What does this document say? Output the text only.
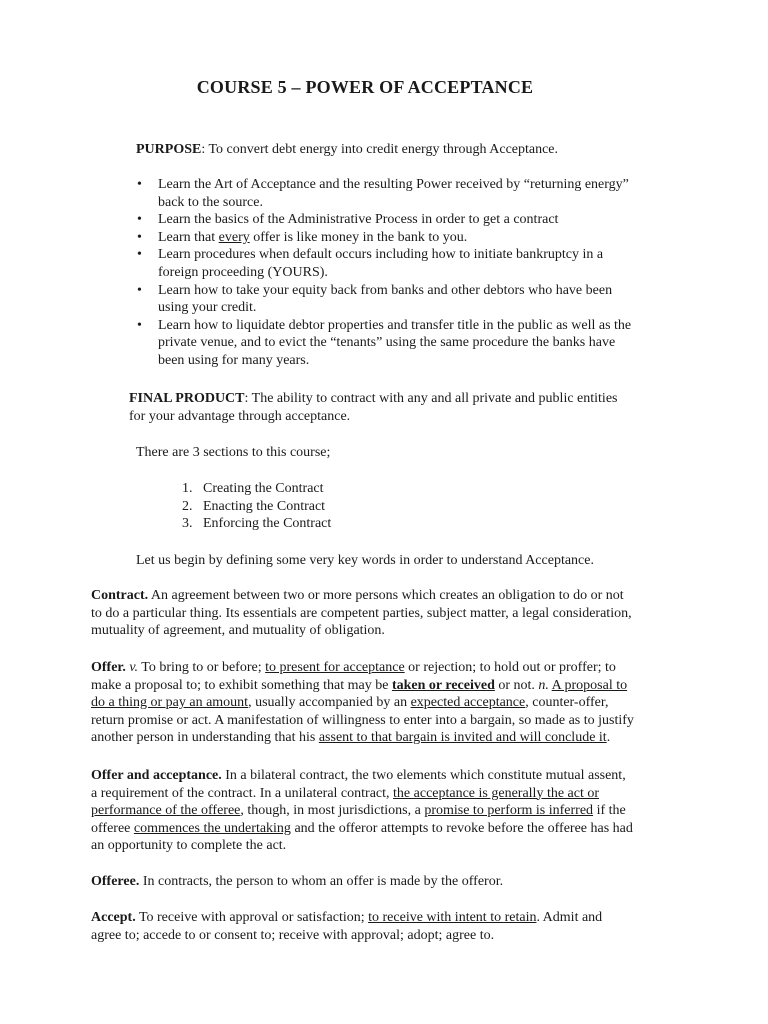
COURSE 5 – POWER OF ACCEPTANCE
PURPOSE: To convert debt energy into credit energy through Acceptance.
• Learn the Art of Acceptance and the resulting Power received by “returning energy”
back to the source.
• Learn the basics of the Administrative Process in order to get a contract
• Learn that every offer is like money in the bank to you.
• Learn procedures when default occurs including how to initiate bankruptcy in a
foreign proceeding (YOURS).
• Learn how to take your equity back from banks and other debtors who have been
using your credit.
• Learn how to liquidate debtor properties and transfer title in the public as well as the
private venue, and to evict the “tenants” using the same procedure the banks have
been using for many years.
FINAL PRODUCT: The ability to contract with any and all private and public entities
for your advantage through acceptance.
There are 3 sections to this course;
1. Creating the Contract
2. Enacting the Contract
3. Enforcing the Contract
Let us begin by defining some very key words in order to understand Acceptance.
Contract. An agreement between two or more persons which creates an obligation to do or not
to do a particular thing. Its essentials are competent parties, subject matter, a legal consideration,
mutuality of agreement, and mutuality of obligation.
Offer. v. To bring to or before; to present for acceptance or rejection; to hold out or proffer; to
make a proposal to; to exhibit something that may be taken or received or not. n. A proposal to
do a thing or pay an amount, usually accompanied by an expected acceptance, counter-offer,
return promise or act. A manifestation of willingness to enter into a bargain, so made as to justify
another person in understanding that his assent to that bargain is invited and will conclude it.
Offer and acceptance. In a bilateral contract, the two elements which constitute mutual assent,
a requirement of the contract. In a unilateral contract, the acceptance is generally the act or
performance of the offeree, though, in most jurisdictions, a promise to perform is inferred if the
offeree commences the undertaking and the offeror attempts to revoke before the offeree has had
an opportunity to complete the act.
Offeree. In contracts, the person to whom an offer is made by the offeror.
Accept. To receive with approval or satisfaction; to receive with intent to retain. Admit and
agree to; accede to or consent to; receive with approval; adopt; agree to.
